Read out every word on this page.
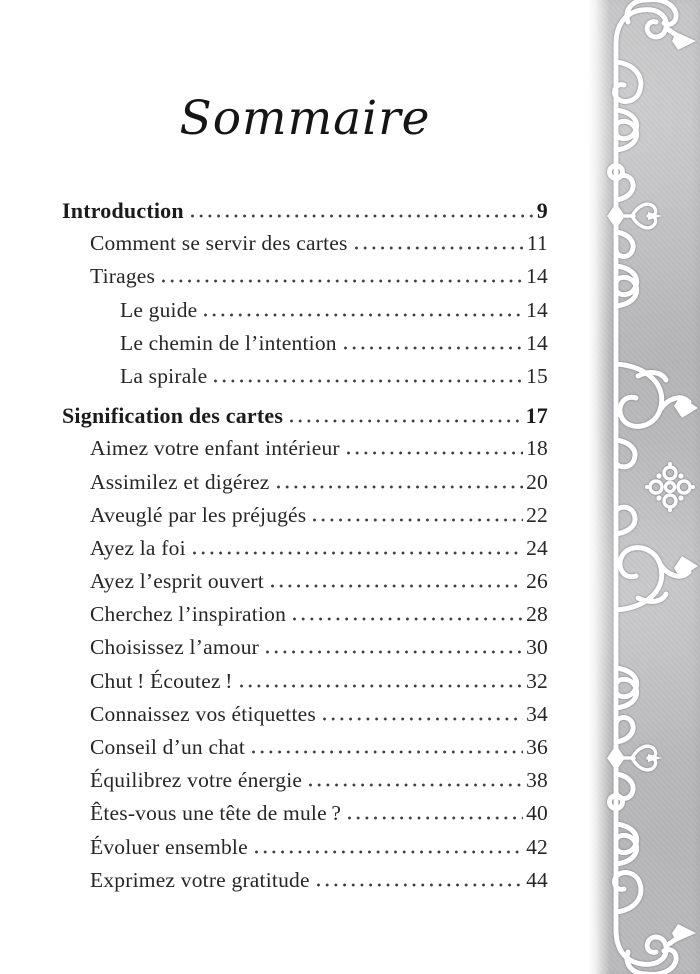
Sommaire
Introduction	9
Comment se servir des cartes	11
Tirages	14
Le guide	14
Le chemin de l’intention	14
La spirale	15
Signification des cartes	17
Aimez votre enfant intérieur	18
Assimilez et digérez	20
Aveuglé par les préjugés	22
Ayez la foi	24
Ayez l’esprit ouvert	26
Cherchez l’inspiration	28
Choisissez l’amour	30
Chut ! Écoutez !	32
Connaissez vos étiquettes	34
Conseil d’un chat	36
Équilibrez votre énergie	38
Êtes-vous une tête de mule ?	40
Évoluer ensemble	42
Exprimez votre gratitude	44
